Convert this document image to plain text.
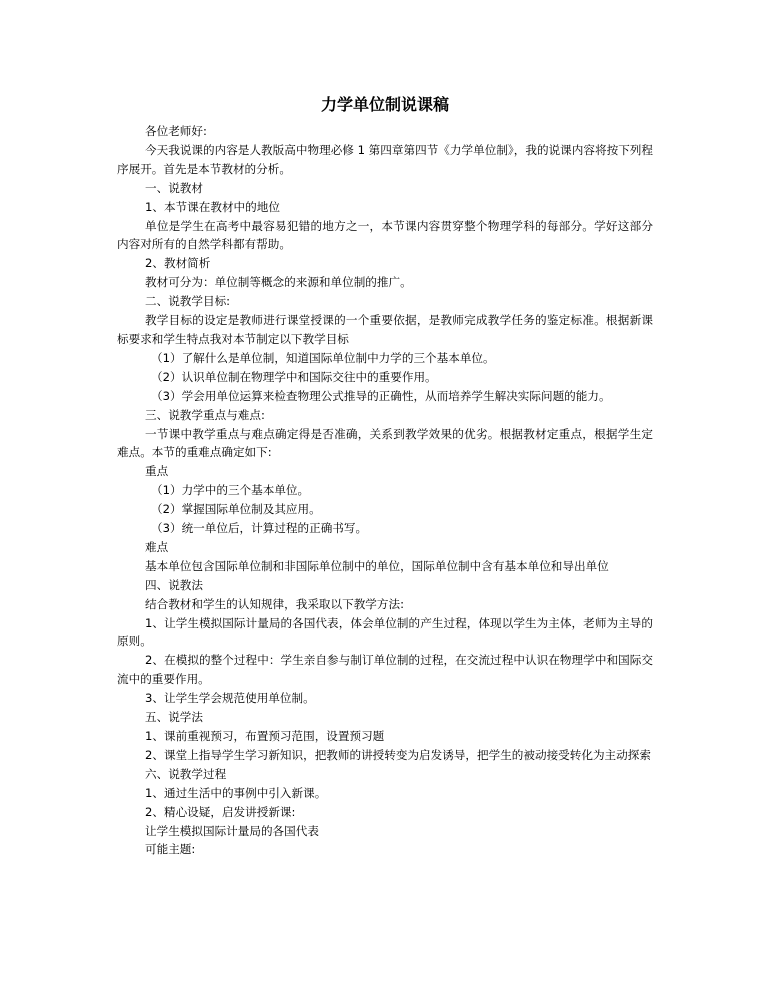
力学单位制说课稿

各位老师好:

今天我说课的内容是人教版高中物理必修 1 第四章第四节《力学单位制》，我的说课内容将按下列程序展开。首先是本节教材的分析。

一、说教材

1、本节课在教材中的地位

单位是学生在高考中最容易犯错的地方之一，本节课内容贯穿整个物理学科的每部分。学好这部分内容对所有的自然学科都有帮助。

2、教材简析

教材可分为：单位制等概念的来源和单位制的推广。

二、说教学目标:

教学目标的设定是教师进行课堂授课的一个重要依据，是教师完成教学任务的鉴定标准。根据新课标要求和学生特点我对本节制定以下教学目标

（1）了解什么是单位制，知道国际单位制中力学的三个基本单位。

（2）认识单位制在物理学中和国际交往中的重要作用。

（3）学会用单位运算来检查物理公式推导的正确性，从而培养学生解决实际问题的能力。

三、说教学重点与难点:

一节课中教学重点与难点确定得是否准确，关系到教学效果的优劣。根据教材定重点，根据学生定难点。本节的重难点确定如下:

重点

（1）力学中的三个基本单位。

（2）掌握国际单位制及其应用。

（3）统一单位后，计算过程的正确书写。

难点

基本单位包含国际单位制和非国际单位制中的单位，国际单位制中含有基本单位和导出单位

四、说教法

结合教材和学生的认知规律，我采取以下教学方法:

1、让学生模拟国际计量局的各国代表，体会单位制的产生过程，体现以学生为主体，老师为主导的原则。

2、在模拟的整个过程中：学生亲自参与制订单位制的过程，在交流过程中认识在物理学中和国际交流中的重要作用。

3、让学生学会规范使用单位制。

五、说学法

1、课前重视预习，布置预习范围，设置预习题

2、课堂上指导学生学习新知识，把教师的讲授转变为启发诱导，把学生的被动接受转化为主动探索

六、说教学过程

1、通过生活中的事例中引入新课。

2、精心设疑，启发讲授新课:

让学生模拟国际计量局的各国代表

可能主题:
